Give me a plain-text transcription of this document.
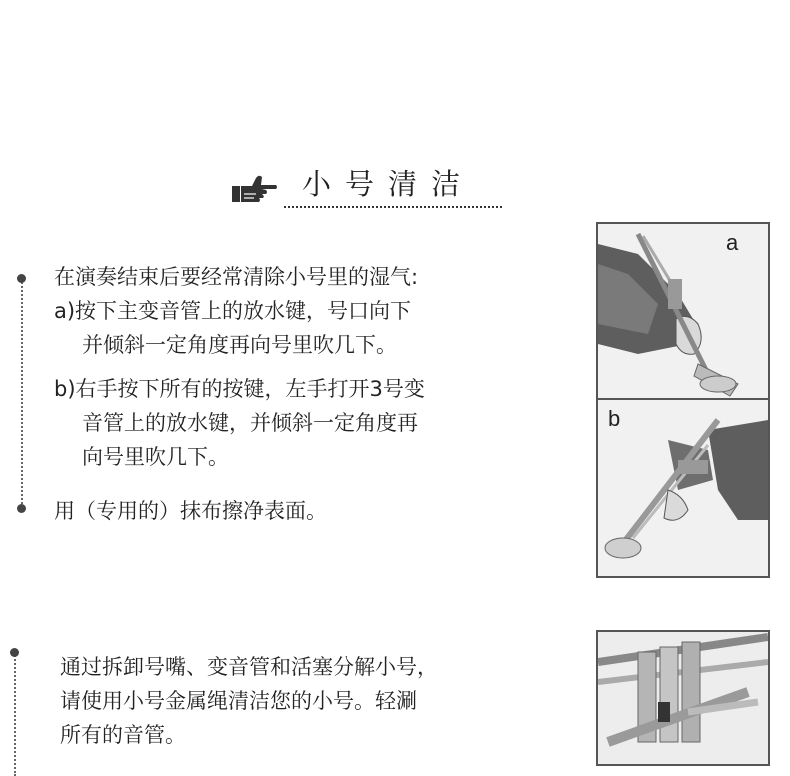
小号清洁
在演奏结束后要经常清除小号里的湿气:
a)按下主变音管上的放水键，号口向下
并倾斜一定角度再向号里吹几下。
b)右手按下所有的按键，左手打开3号变
音管上的放水键，并倾斜一定角度再
向号里吹几下。
用（专用的）抹布擦净表面。
a
b
通过拆卸号嘴、变音管和活塞分解小号，
请使用小号金属绳清洁您的小号。轻涮
所有的音管。
